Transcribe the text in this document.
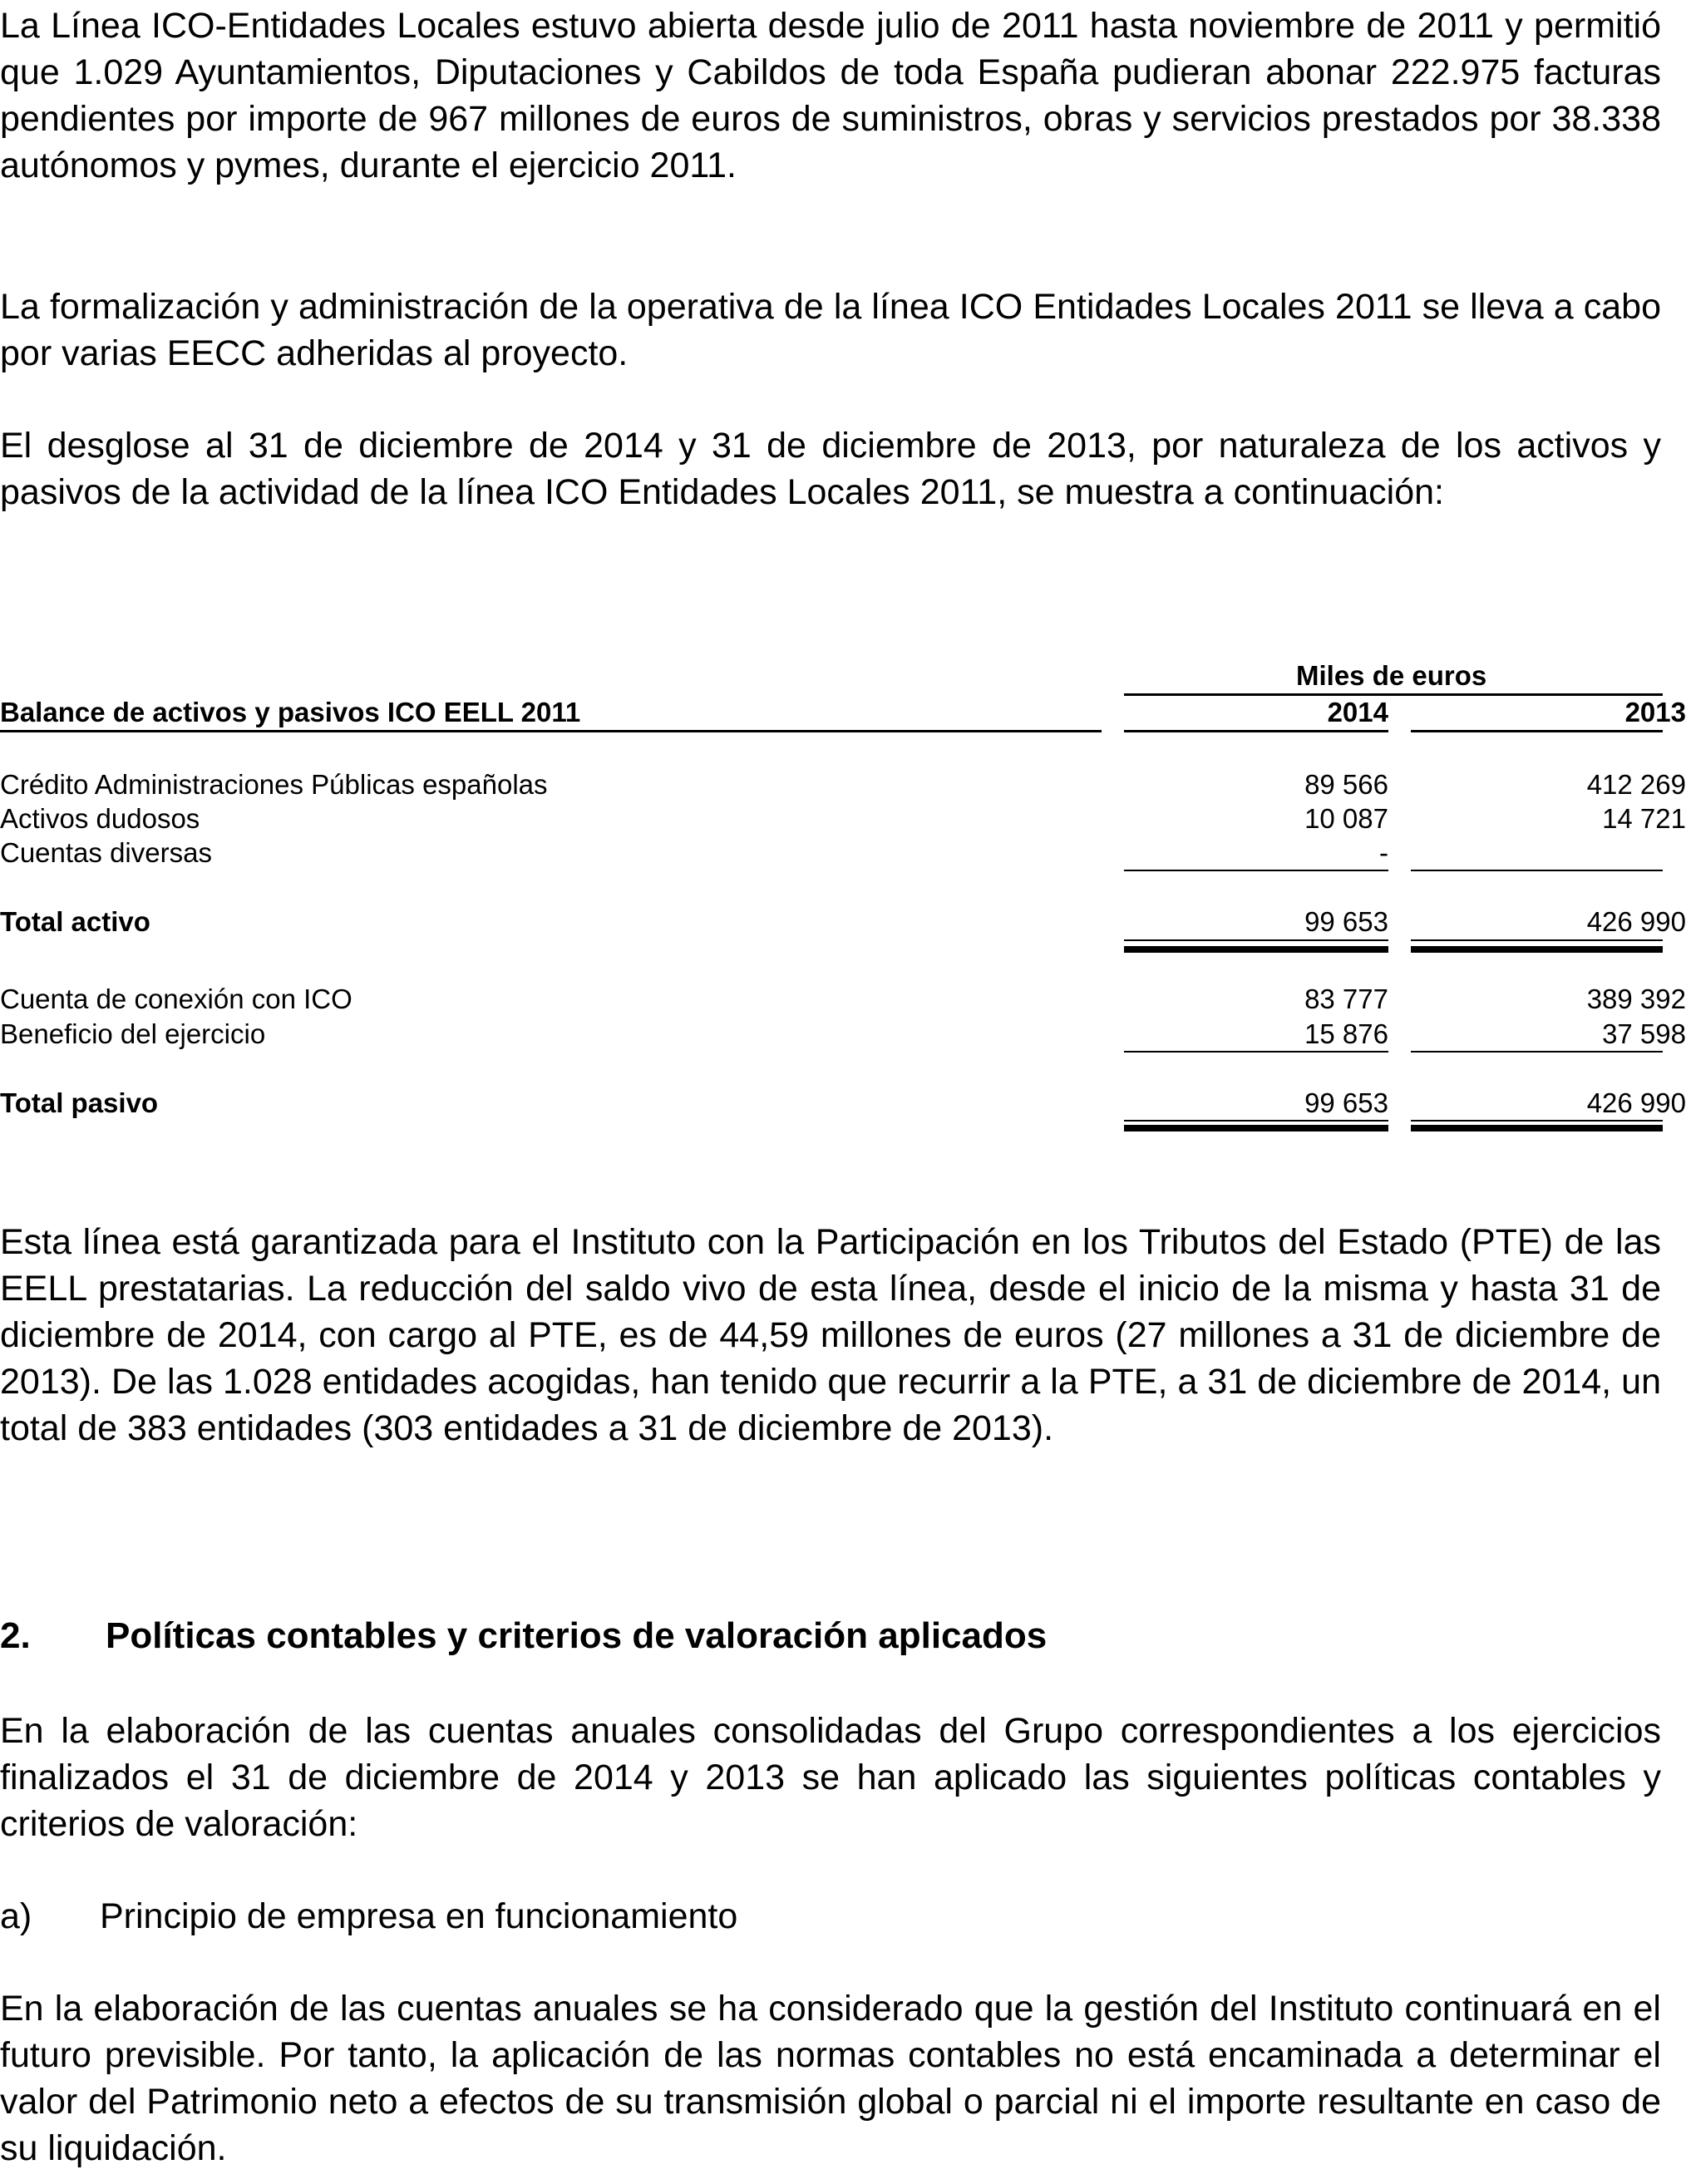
La Línea ICO-Entidades Locales estuvo abierta desde julio de 2011 hasta noviembre de 2011 y permitió que 1.029 Ayuntamientos, Diputaciones y Cabildos de toda España pudieran abonar 222.975 facturas pendientes por importe de 967 millones de euros de suministros, obras y servicios prestados por 38.338 autónomos y pymes, durante el ejercicio 2011.

La formalización y administración de la operativa de la línea ICO Entidades Locales 2011 se lleva a cabo por varias EECC adheridas al proyecto.

El desglose al 31 de diciembre de 2014 y 31 de diciembre de 2013, por naturaleza de los activos y pasivos de la actividad de la línea ICO Entidades Locales 2011, se muestra a continuación:

Miles de euros
Balance de activos y pasivos ICO EELL 2011	2014	2013
Crédito Administraciones Públicas españolas	89 566	412 269
Activos dudosos	10 087	14 721
Cuentas diversas	-
Total activo	99 653	426 990
Cuenta de conexión con ICO	83 777	389 392
Beneficio del ejercicio	15 876	37 598
Total pasivo	99 653	426 990

Esta línea está garantizada para el Instituto con la Participación en los Tributos del Estado (PTE) de las EELL prestatarias. La reducción del saldo vivo de esta línea, desde el inicio de la misma y hasta 31 de diciembre de 2014, con cargo al PTE, es de 44,59 millones de euros (27 millones a 31 de diciembre de 2013). De las 1.028 entidades acogidas, han tenido que recurrir a la PTE, a 31 de diciembre de 2014, un total de 383 entidades (303 entidades a 31 de diciembre de 2013).

2. Políticas contables y criterios de valoración aplicados

En la elaboración de las cuentas anuales consolidadas del Grupo correspondientes a los ejercicios finalizados el 31 de diciembre de 2014 y 2013 se han aplicado las siguientes políticas contables y criterios de valoración:

a) Principio de empresa en funcionamiento

En la elaboración de las cuentas anuales se ha considerado que la gestión del Instituto continuará en el futuro previsible. Por tanto, la aplicación de las normas contables no está encaminada a determinar el valor del Patrimonio neto a efectos de su transmisión global o parcial ni el importe resultante en caso de su liquidación.
